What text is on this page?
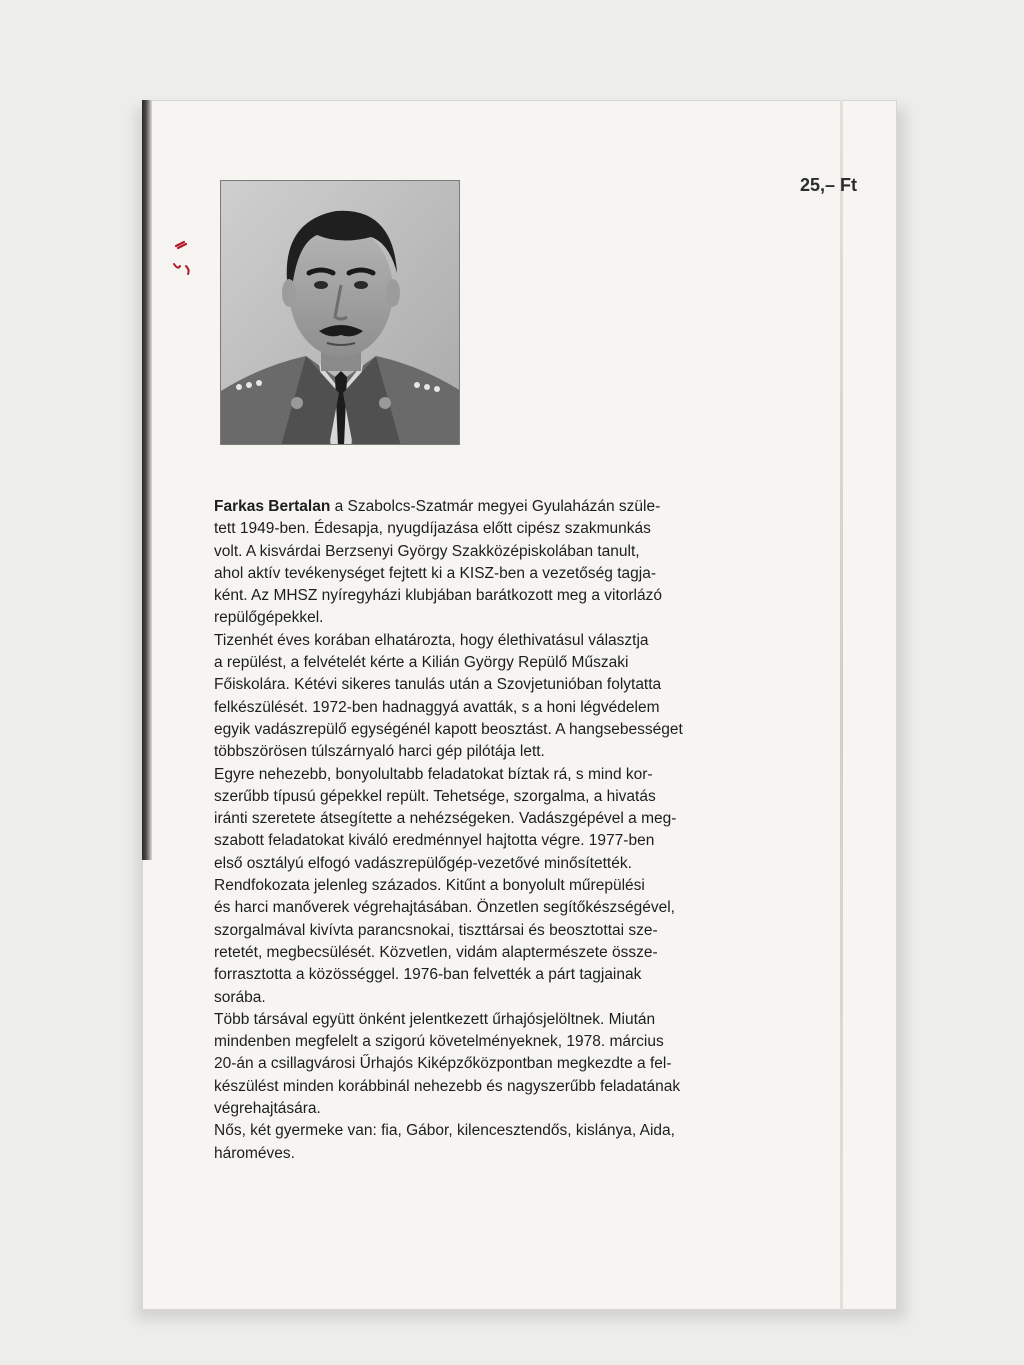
25,– Ft
Farkas Bertalan a Szabolcs-Szatmár megyei Gyulaházán szüle-
tett 1949-ben. Édesapja, nyugdíjazása előtt cipész szakmunkás
volt. A kisvárdai Berzsenyi György Szakközépiskolában tanult,
ahol aktív tevékenységet fejtett ki a KISZ-ben a vezetőség tagja-
ként. Az MHSZ nyíregyházi klubjában barátkozott meg a vitorlázó
repülőgépekkel.
Tizenhét éves korában elhatározta, hogy élethivatásul választja
a repülést, a felvételét kérte a Kilián György Repülő Műszaki
Főiskolára. Kétévi sikeres tanulás után a Szovjetunióban folytatta
felkészülését. 1972-ben hadnaggyá avatták, s a honi légvédelem
egyik vadászrepülő egységénél kapott beosztást. A hangsebességet
többszörösen túlszárnyaló harci gép pilótája lett.
Egyre nehezebb, bonyolultabb feladatokat bíztak rá, s mind kor-
szerűbb típusú gépekkel repült. Tehetsége, szorgalma, a hivatás
iránti szeretete átsegítette a nehézségeken. Vadászgépével a meg-
szabott feladatokat kiváló eredménnyel hajtotta végre. 1977-ben
első osztályú elfogó vadászrepülőgép-vezetővé minősítették.
Rendfokozata jelenleg százados. Kitűnt a bonyolult műrepülési
és harci manőverek végrehajtásában. Önzetlen segítőkészségével,
szorgalmával kivívta parancsnokai, tiszttársai és beosztottai sze-
retetét, megbecsülését. Közvetlen, vidám alaptermészete össze-
forrasztotta a közösséggel. 1976-ban felvették a párt tagjainak
sorába.
Több társával együtt önként jelentkezett űrhajósjelöltnek. Miután
mindenben megfelelt a szigorú követelményeknek, 1978. március
20-án a csillagvárosi Űrhajós Kiképzőközpontban megkezdte a fel-
készülést minden korábbinál nehezebb és nagyszerűbb feladatának
végrehajtására.
Nős, két gyermeke van: fia, Gábor, kilencesztendős, kislánya, Aida,
hároméves.
